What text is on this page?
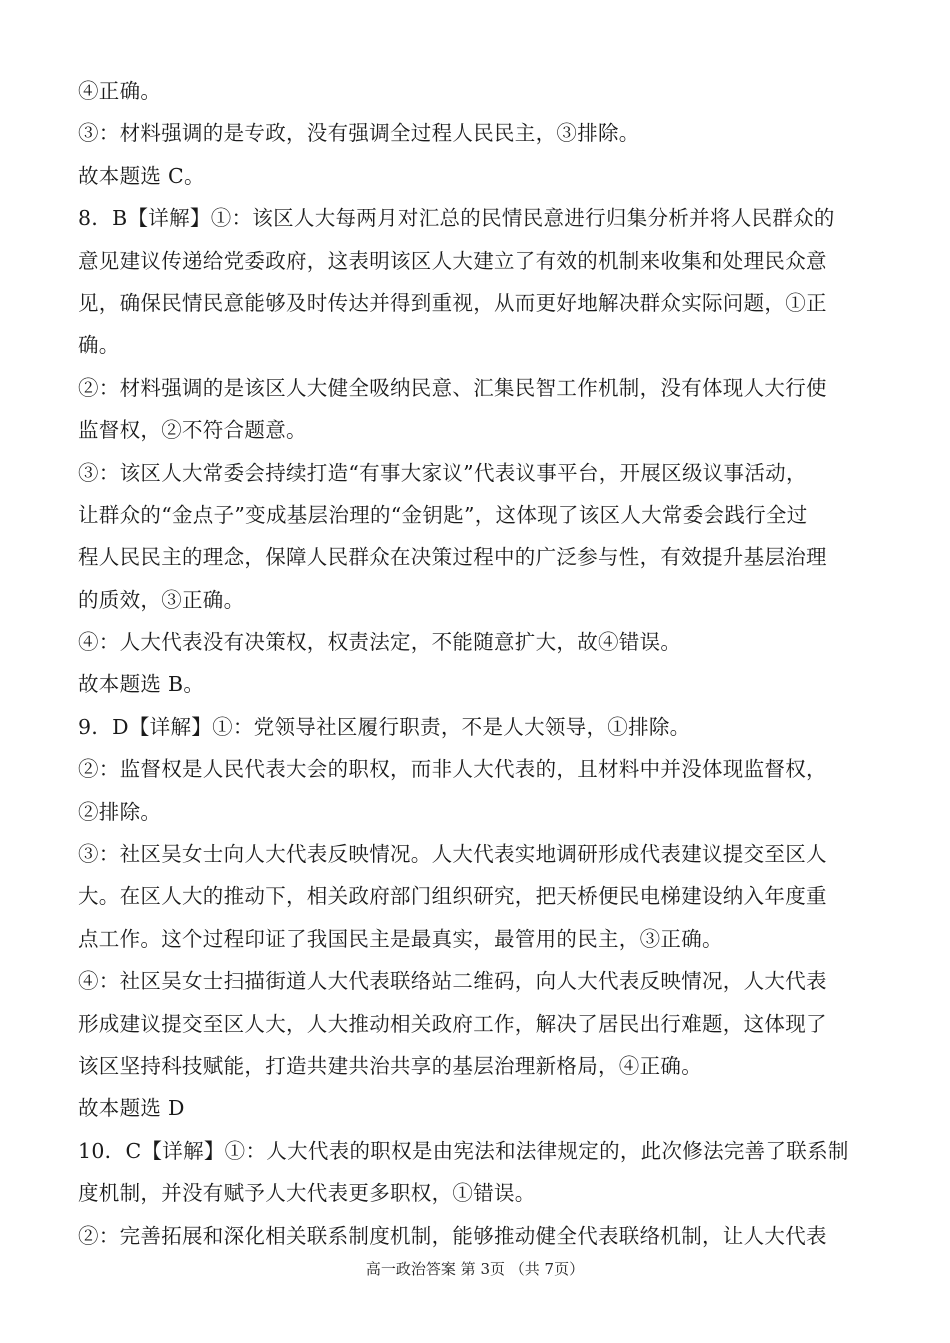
④正确。
③：材料强调的是专政，没有强调全过程人民民主，③排除。
故本题选 C。
8．B【详解】①：该区人大每两月对汇总的民情民意进行归集分析并将人民群众的
意见建议传递给党委政府，这表明该区人大建立了有效的机制来收集和处理民众意
见，确保民情民意能够及时传达并得到重视，从而更好地解决群众实际问题，①正
确。
②：材料强调的是该区人大健全吸纳民意、汇集民智工作机制，没有体现人大行使
监督权，②不符合题意。
③：该区人大常委会持续打造“有事大家议”代表议事平台，开展区级议事活动，
让群众的“金点子”变成基层治理的“金钥匙”，这体现了该区人大常委会践行全过
程人民民主的理念，保障人民群众在决策过程中的广泛参与性，有效提升基层治理
的质效，③正确。
④：人大代表没有决策权，权责法定，不能随意扩大，故④错误。
故本题选 B。
9．D【详解】①：党领导社区履行职责，不是人大领导，①排除。
②：监督权是人民代表大会的职权，而非人大代表的，且材料中并没体现监督权，
②排除。
③：社区吴女士向人大代表反映情况。人大代表实地调研形成代表建议提交至区人
大。在区人大的推动下，相关政府部门组织研究，把天桥便民电梯建设纳入年度重
点工作。这个过程印证了我国民主是最真实，最管用的民主，③正确。
④：社区吴女士扫描街道人大代表联络站二维码，向人大代表反映情况，人大代表
形成建议提交至区人大，人大推动相关政府工作，解决了居民出行难题，这体现了
该区坚持科技赋能，打造共建共治共享的基层治理新格局，④正确。
故本题选 D
10．C【详解】①：人大代表的职权是由宪法和法律规定的，此次修法完善了联系制
度机制，并没有赋予人大代表更多职权，①错误。
②：完善拓展和深化相关联系制度机制，能够推动健全代表联络机制，让人大代表
高一政治答案 第 3页 （共 7页）
